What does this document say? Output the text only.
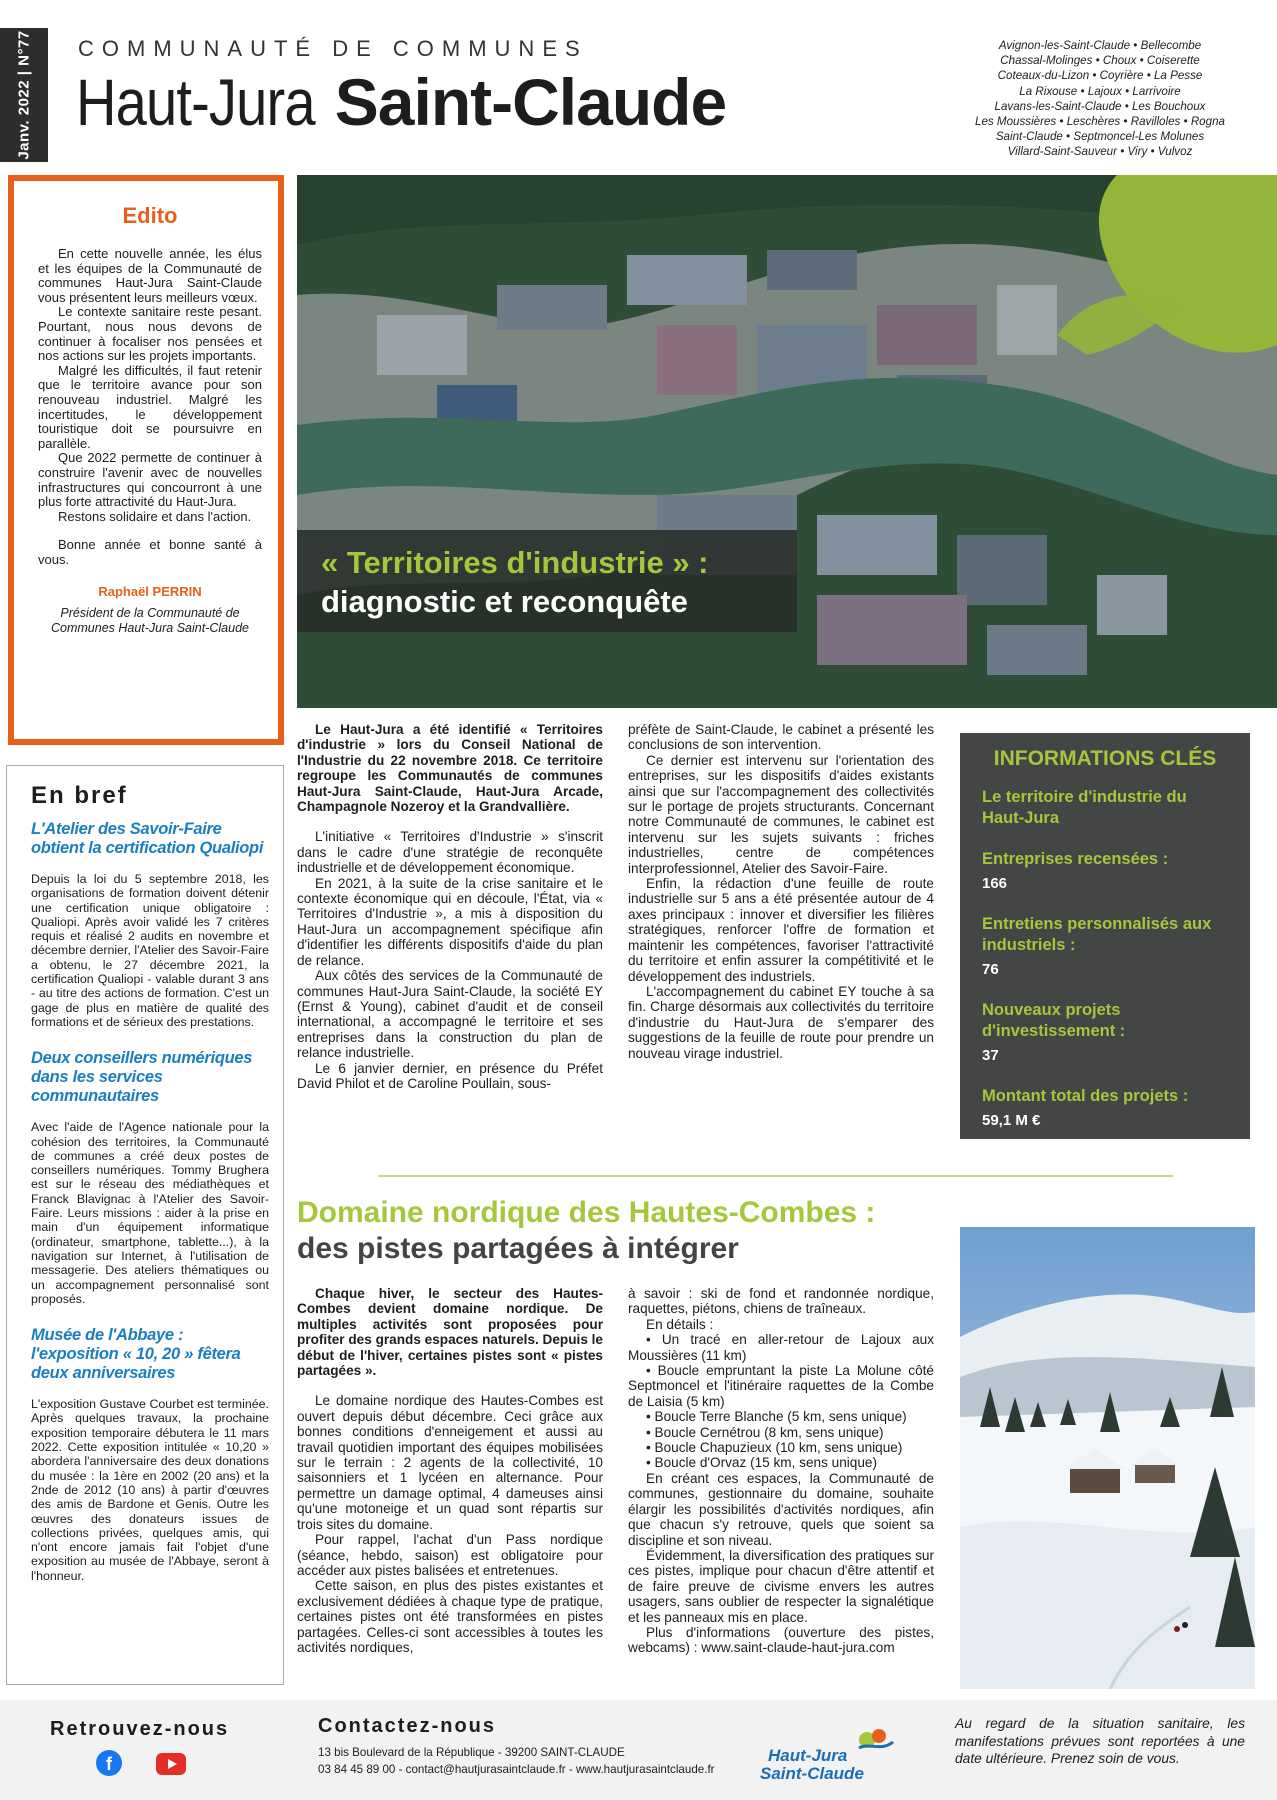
Janv. 2022 | N°77 COMMUNAUTÉ DE COMMUNES
Haut-Jura Saint-Claude
Avignon-les-Saint-Claude • Bellecombe
Chassal-Molinges • Choux • Coiserette
Coteaux-du-Lizon • Coyrière • La Pesse
La Rixouse • Lajoux • Larrivoire
Lavans-les-Saint-Claude • Les Bouchoux
Les Moussières • Leschères • Ravilloles • Rogna
Saint-Claude • Septmoncel-Les Molunes
Villard-Saint-Sauveur • Viry • Vulvoz
Edito

En cette nouvelle année, les élus et les équipes de la Communauté de communes Haut-Jura Saint-Claude vous présentent leurs meilleurs vœux.

Le contexte sanitaire reste pesant. Pourtant, nous nous devons de continuer à focaliser nos pensées et nos actions sur les projets importants.

Malgré les difficultés, il faut retenir que le territoire avance pour son renouveau industriel. Malgré les incertitudes, le développement touristique doit se poursuivre en parallèle.

Que 2022 permette de continuer à construire l'avenir avec de nouvelles infrastructures qui concourront à une plus forte attractivité du Haut-Jura.

Restons solidaire et dans l'action.

Bonne année et bonne santé à vous.

Raphaël PERRIN

Président de la Communauté de Communes Haut-Jura Saint-Claude

En bref
L'Atelier des Savoir-Faire obtient la certification Qualiopi

Depuis la loi du 5 septembre 2018, les organisations de formation doivent détenir une certification unique obligatoire : Qualiopi. Après avoir validé les 7 critères requis et réalisé 2 audits en novembre et décembre dernier, l'Atelier des Savoir-Faire a obtenu, le 27 décembre 2021, la certification Qualiopi - valable durant 3 ans - au titre des actions de formation. C'est un gage de plus en matière de qualité des formations et de sérieux des prestations.

Deux conseillers numériques dans les services communautaires

Avec l'aide de l'Agence nationale pour la cohésion des territoires, la Communauté de communes a créé deux postes de conseillers numériques. Tommy Brughera est sur le réseau des médiathèques et Franck Blavignac à l'Atelier des Savoir-Faire. Leurs missions : aider à la prise en main d'un équipement informatique (ordinateur, smartphone, tablette...), à la navigation sur Internet, à l'utilisation de messagerie. Des ateliers thématiques ou un accompagnement personnalisé sont proposés.

Musée de l'Abbaye : l'exposition « 10, 20 » fêtera deux anniversaires

L'exposition Gustave Courbet est terminée. Après quelques travaux, la prochaine exposition temporaire débutera le 11 mars 2022. Cette exposition intitulée « 10,20 » abordera l'anniversaire des deux donations du musée : la 1ère en 2002 (20 ans) et la 2nde de 2012 (10 ans) à partir d'œuvres des amis de Bardone et Genis. Outre les œuvres des donateurs issues de collections privées, quelques amis, qui n'ont encore jamais fait l'objet d'une exposition au musée de l'Abbaye, seront à l'honneur.

« Territoires d'industrie » :
diagnostic et reconquête

Le Haut-Jura a été identifié « Territoires d'industrie » lors du Conseil National de l'Industrie du 22 novembre 2018. Ce territoire regroupe les Communautés de communes Haut-Jura Saint-Claude, Haut-Jura Arcade, Champagnole Nozeroy et la Grandvallière.

L'initiative « Territoires d'Industrie » s'inscrit dans le cadre d'une stratégie de reconquête industrielle et de développement économique.

En 2021, à la suite de la crise sanitaire et le contexte économique qui en découle, l'État, via « Territoires d'Industrie », a mis à disposition du Haut-Jura un accompagnement spécifique afin d'identifier les différents dispositifs d'aide du plan de relance.

Aux côtés des services de la Communauté de communes Haut-Jura Saint-Claude, la société EY (Ernst & Young), cabinet d'audit et de conseil international, a accompagné le territoire et ses entreprises dans la construction du plan de relance industrielle.

Le 6 janvier dernier, en présence du Préfet David Philot et de Caroline Poullain, sous-

préfète de Saint-Claude, le cabinet a présenté les conclusions de son intervention.

Ce dernier est intervenu sur l'orientation des entreprises, sur les dispositifs d'aides existants ainsi que sur l'accompagnement des collectivités sur le portage de projets structurants. Concernant notre Communauté de communes, le cabinet est intervenu sur les sujets suivants : friches industrielles, centre de compétences interprofessionnel, Atelier des Savoir-Faire.

Enfin, la rédaction d'une feuille de route industrielle sur 5 ans a été présentée autour de 4 axes principaux : innover et diversifier les filières stratégiques, renforcer l'offre de formation et maintenir les compétences, favoriser l'attractivité du territoire et enfin assurer la compétitivité et le développement des industriels.

L'accompagnement du cabinet EY touche à sa fin. Charge désormais aux collectivités du territoire d'industrie du Haut-Jura de s'emparer des suggestions de la feuille de route pour prendre un nouveau virage industriel.

INFORMATIONS CLÉS
Le territoire d'industrie du Haut-Jura
Entreprises recensées :
166
Entretiens personnalisés aux industriels :
76
Nouveaux projets d'investissement :
37
Montant total des projets :
59,1 M €
Domaine nordique des Hautes-Combes :
des pistes partagées à intégrer

Chaque hiver, le secteur des Hautes-Combes devient domaine nordique. De multiples activités sont proposées pour profiter des grands espaces naturels. Depuis le début de l'hiver, certaines pistes sont « pistes partagées ».

Le domaine nordique des Hautes-Combes est ouvert depuis début décembre. Ceci grâce aux bonnes conditions d'enneigement et aussi au travail quotidien important des équipes mobilisées sur le terrain : 2 agents de la collectivité, 10 saisonniers et 1 lycéen en alternance. Pour permettre un damage optimal, 4 dameuses ainsi qu'une motoneige et un quad sont répartis sur trois sites du domaine.

Pour rappel, l'achat d'un Pass nordique (séance, hebdo, saison) est obligatoire pour accéder aux pistes balisées et entretenues.

Cette saison, en plus des pistes existantes et exclusivement dédiées à chaque type de pratique, certaines pistes ont été transformées en pistes partagées. Celles-ci sont accessibles à toutes les activités nordiques,

à savoir : ski de fond et randonnée nordique, raquettes, piétons, chiens de traîneaux.

En détails :

• Un tracé en aller-retour de Lajoux aux Moussières (11 km)

• Boucle empruntant la piste La Molune côté Septmoncel et l'itinéraire raquettes de la Combe de Laisia (5 km)

• Boucle Terre Blanche (5 km, sens unique)

• Boucle Cernétrou (8 km, sens unique)

• Boucle Chapuzieux (10 km, sens unique)

• Boucle d'Orvaz (15 km, sens unique)

En créant ces espaces, la Communauté de communes, gestionnaire du domaine, souhaite élargir les possibilités d'activités nordiques, afin que chacun s'y retrouve, quels que soient sa discipline et son niveau.

Évidemment, la diversification des pratiques sur ces pistes, implique pour chacun d'être attentif et de faire preuve de civisme envers les autres usagers, sans oublier de respecter la signalétique et les panneaux mis en place.

Plus d'informations (ouverture des pistes, webcams) : www.saint-claude-haut-jura.com

Retrouvez-nous
f
Contactez-nous
13 bis Boulevard de la République - 39200 SAINT-CLAUDE
03 84 45 89 00 - contact@hautjurasaintclaude.fr - www.hautjurasaintclaude.fr
Haut-Jura
Saint-Claude
Au regard de la situation sanitaire, les manifestations prévues sont reportées à une date ultérieure. Prenez soin de vous.
